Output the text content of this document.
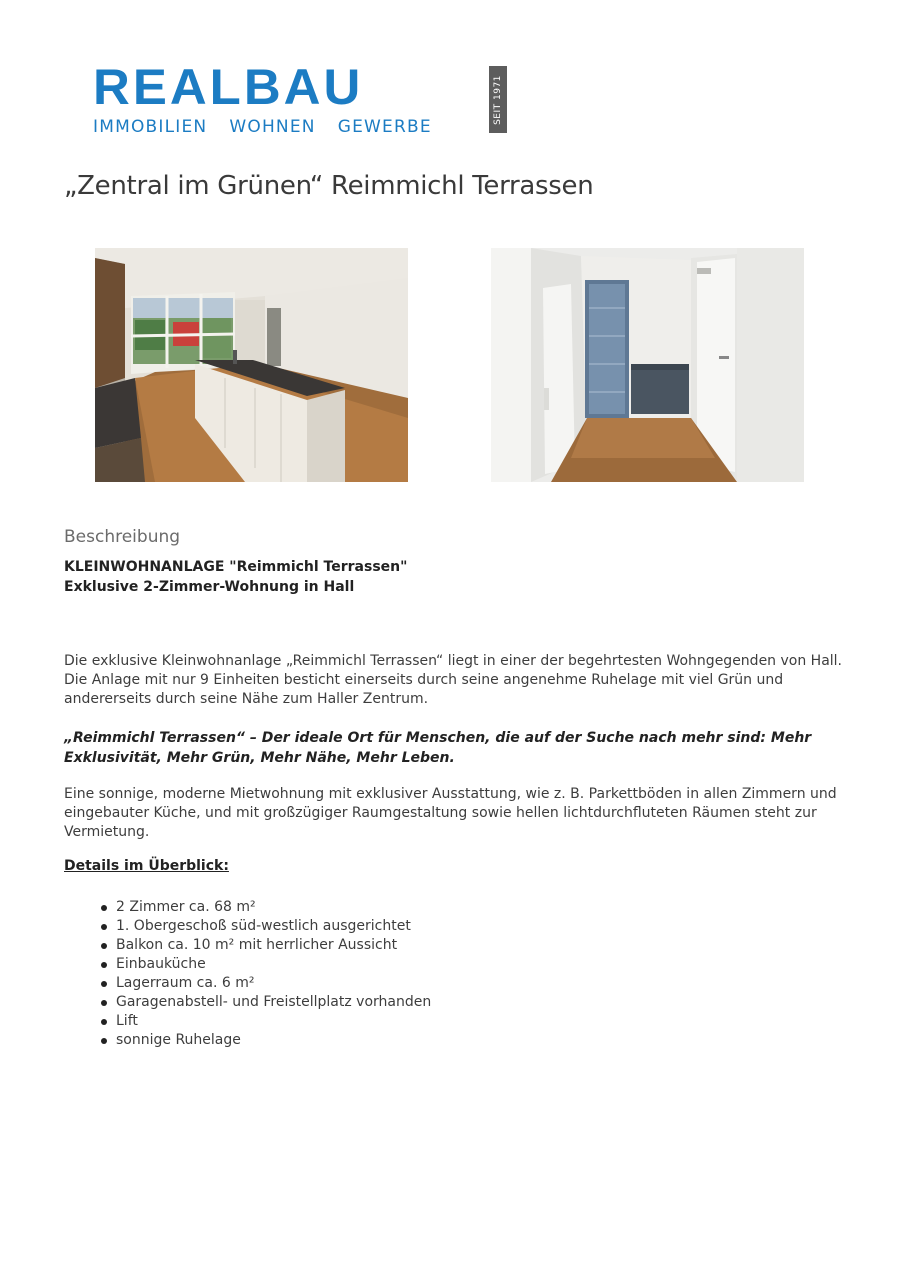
REALBAU
IMMOBILIEN WOHNEN GEWERBE
SEIT 1971
„Zentral im Grünen“ Reimmichl Terrassen
Beschreibung
KLEINWOHNANLAGE "Reimmichl Terrassen"
Exklusive 2-Zimmer-Wohnung in Hall

Die exklusive Kleinwohnanlage „Reimmichl Terrassen“ liegt in einer der begehrtesten Wohngegenden von Hall. Die Anlage mit nur 9 Einheiten besticht einerseits durch seine angenehme Ruhelage mit viel Grün und andererseits durch seine Nähe zum Haller Zentrum.

„Reimmichl Terrassen“ – Der ideale Ort für Menschen, die auf der Suche nach mehr sind: Mehr Exklusivität, Mehr Grün, Mehr Nähe, Mehr Leben.

Eine sonnige, moderne Mietwohnung mit exklusiver Ausstattung, wie z. B. Parkettböden in allen Zimmern und eingebauter Küche, und mit großzügiger Raumgestaltung sowie hellen lichtdurchfluteten Räumen steht zur Vermietung.

Details im Überblick:
2 Zimmer ca. 68 m²
1. Obergeschoß süd-westlich ausgerichtet
Balkon ca. 10 m² mit herrlicher Aussicht
Einbauküche
Lagerraum ca. 6 m²
Garagenabstell- und Freistellplatz vorhanden
Lift
sonnige Ruhelage
